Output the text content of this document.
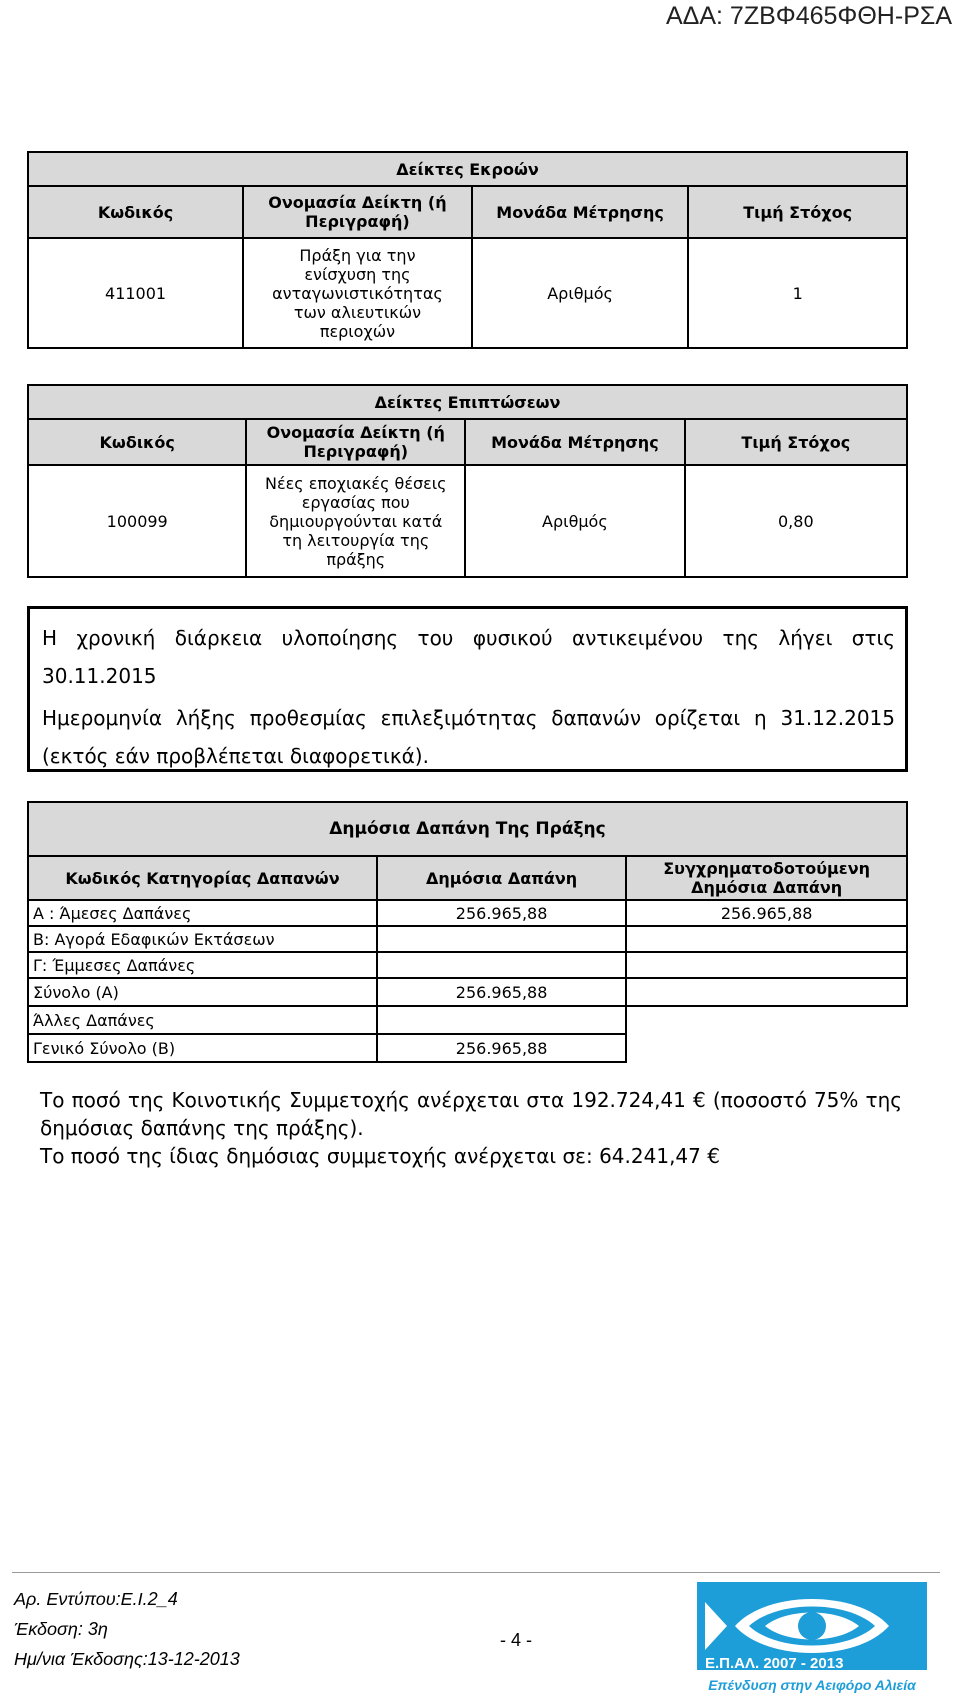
ΑΔΑ: 7ΖΒΦ465ΦΘΗ-ΡΣΑ
Δείκτες Εκροών			
Κωδικός	Ονομασία Δείκτη (ή Περιγραφή)	Μονάδα Μέτρησης	Τιμή Στόχος
411001	Πράξη για την ενίσχυση της ανταγωνιστικότητας των αλιευτικών περιοχών	Αριθμός	1
Δείκτες Επιπτώσεων			
Κωδικός	Ονομασία Δείκτη (ή Περιγραφή)	Μονάδα Μέτρησης	Τιμή Στόχος
100099	Νέες εποχιακές θέσεις εργασίας που δημιουργούνται κατά τη λειτουργία της πράξης	Αριθμός	0,80

Η χρονική διάρκεια υλοποίησης του φυσικού αντικειμένου της λήγει στις 30.11.2015

Ημερομηνία λήξης προθεσμίας επιλεξιμότητας δαπανών ορίζεται η 31.12.2015 (εκτός εάν προβλέπεται διαφορετικά).

Δημόσια Δαπάνη Της Πράξης		
Κωδικός Κατηγορίας Δαπανών	Δημόσια Δαπάνη	Συγχρηματοδοτούμενη Δημόσια Δαπάνη
Α : Άμεσες Δαπάνες	256.965,88	256.965,88
Β: Αγορά Εδαφικών Εκτάσεων		
Γ: Έμμεσες Δαπάνες		
Σύνολο (Α)	256.965,88	
Άλλες Δαπάνες		
Γενικό Σύνολο (Β)	256.965,88	

Το ποσό της Κοινοτικής Συμμετοχής ανέρχεται στα 192.724,41 € (ποσοστό 75% της δημόσιας δαπάνης της πράξης).

Το ποσό της ίδιας δημόσιας συμμετοχής ανέρχεται σε: 64.241,47 €

Αρ. Εντύπου:Ε.Ι.2_4
Έκδοση: 3η
Ημ/νια Έκδοσης:13-12-2013
- 4 -
Ε.Π.ΑΛ. 2007 - 2013
Επένδυση στην Αειφόρο Αλιεία
